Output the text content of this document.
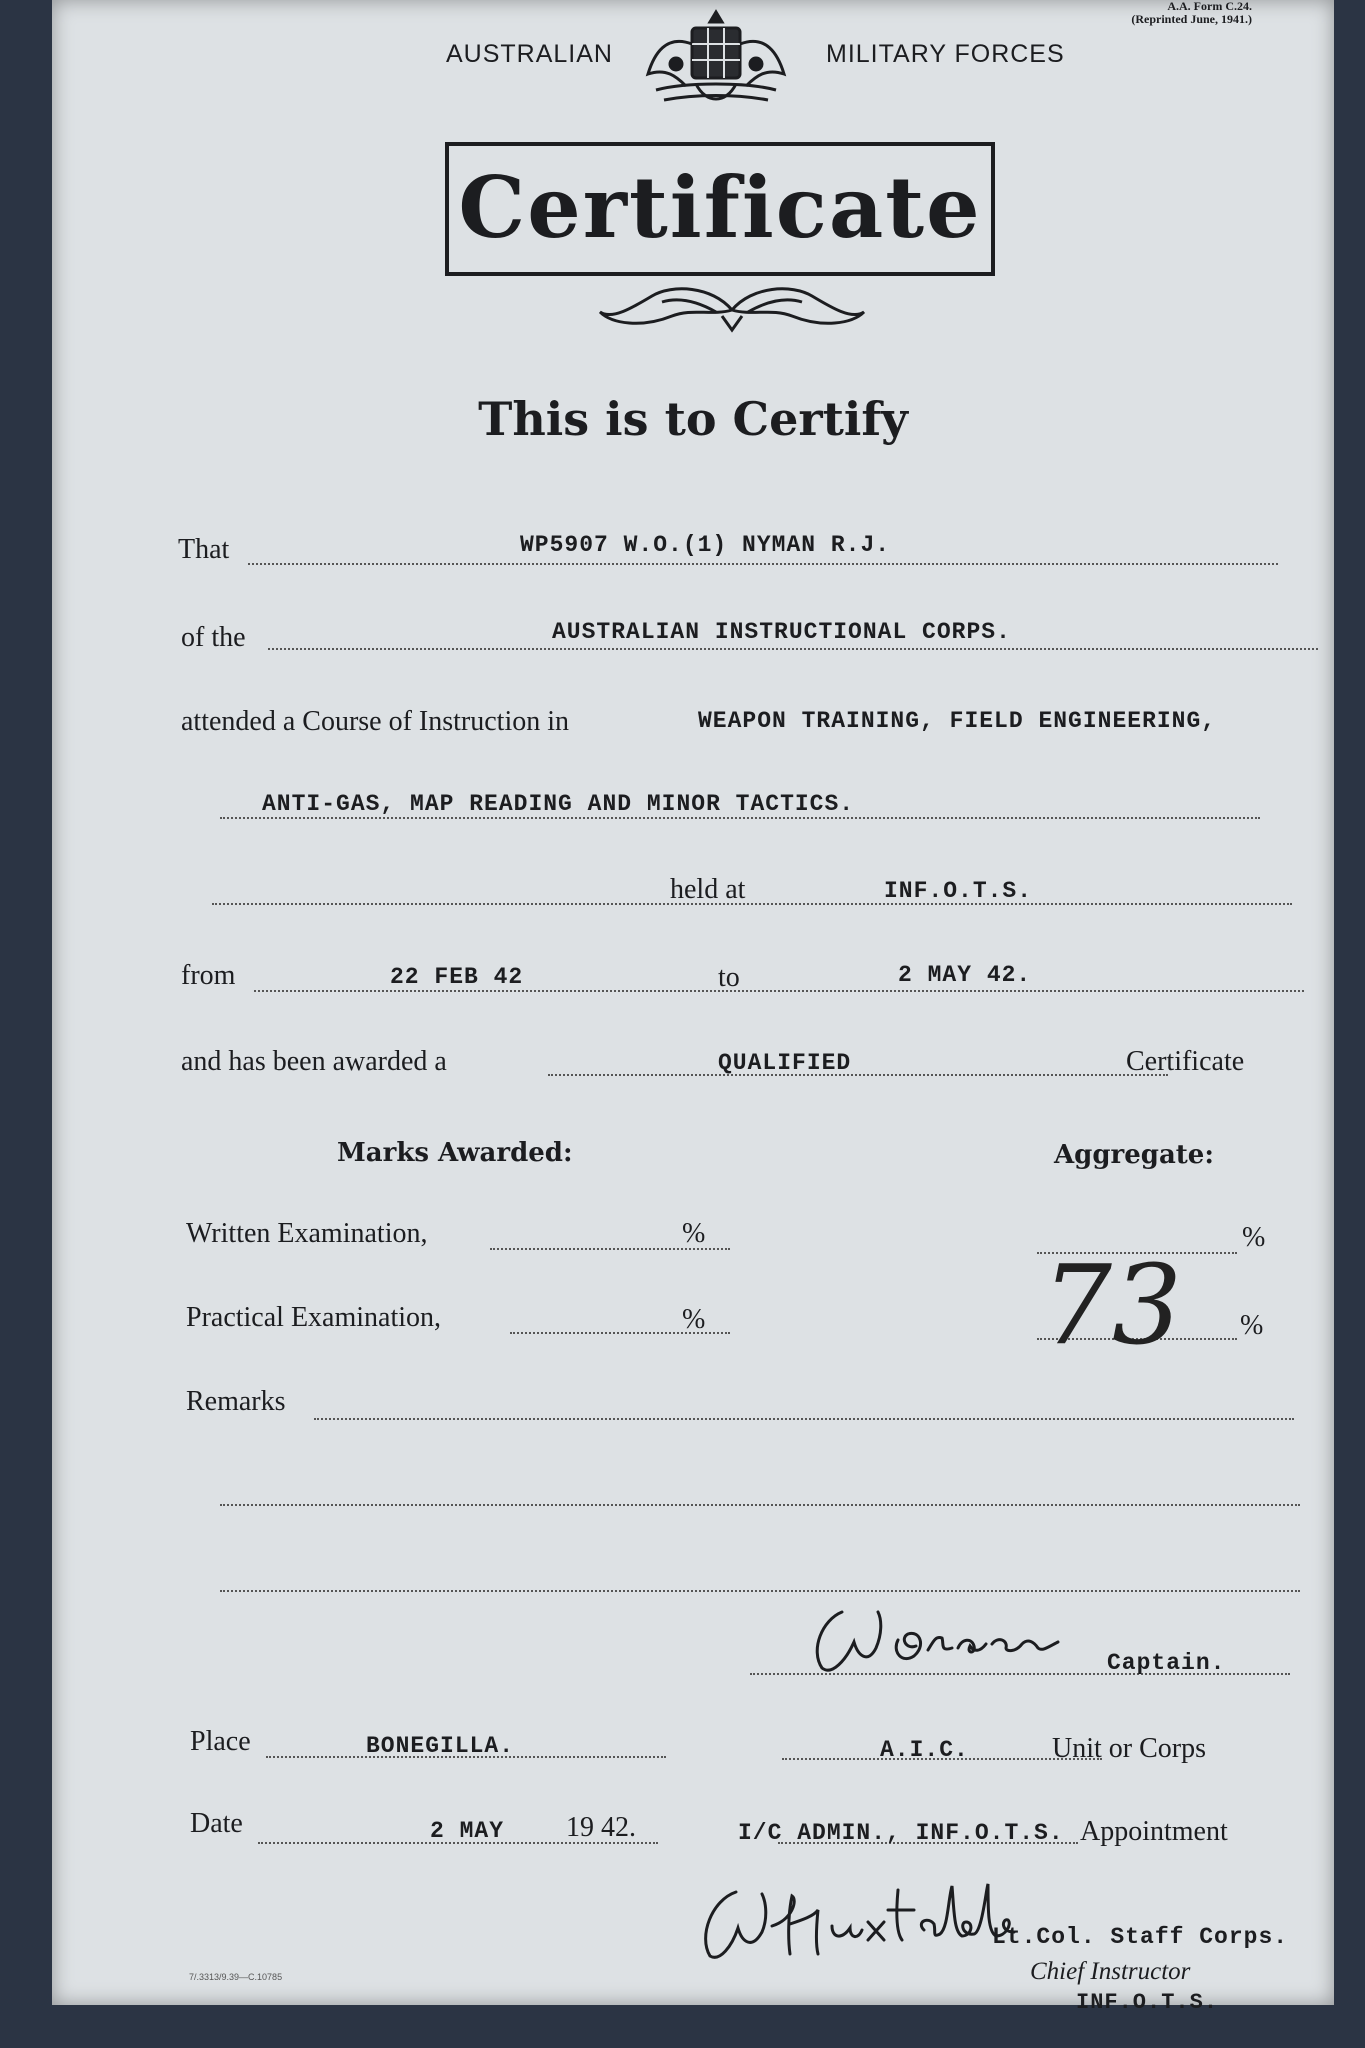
A.A. Form C.24.
(Reprinted June, 1941.)
AUSTRALIAN	MILITARY FORCES
Certificate
This is to Certify
That	WP5907 W.O.(1) NYMAN R.J.
of the	AUSTRALIAN INSTRUCTIONAL CORPS.
attended a Course of Instruction in	WEAPON TRAINING, FIELD ENGINEERING,
ANTI-GAS, MAP READING AND MINOR TACTICS.
held at	INF.O.T.S.
from	22 FEB 42	to	2 MAY 42.
and has been awarded a	QUALIFIED	Certificate
Marks Awarded:	Aggregate:
Written Examination,	%	%
Practical Examination,	%	73 %
Remarks
Captain.
Place	BONEGILLA.	A.I.C.	Unit or Corps
Date	2 MAY 19 42.	I/C ADMIN., INF.O.T.S. Appointment
Lt.Col. Staff Corps.
Chief Instructor
INF.O.T.S.
7/.3313/9.39—C.10785
